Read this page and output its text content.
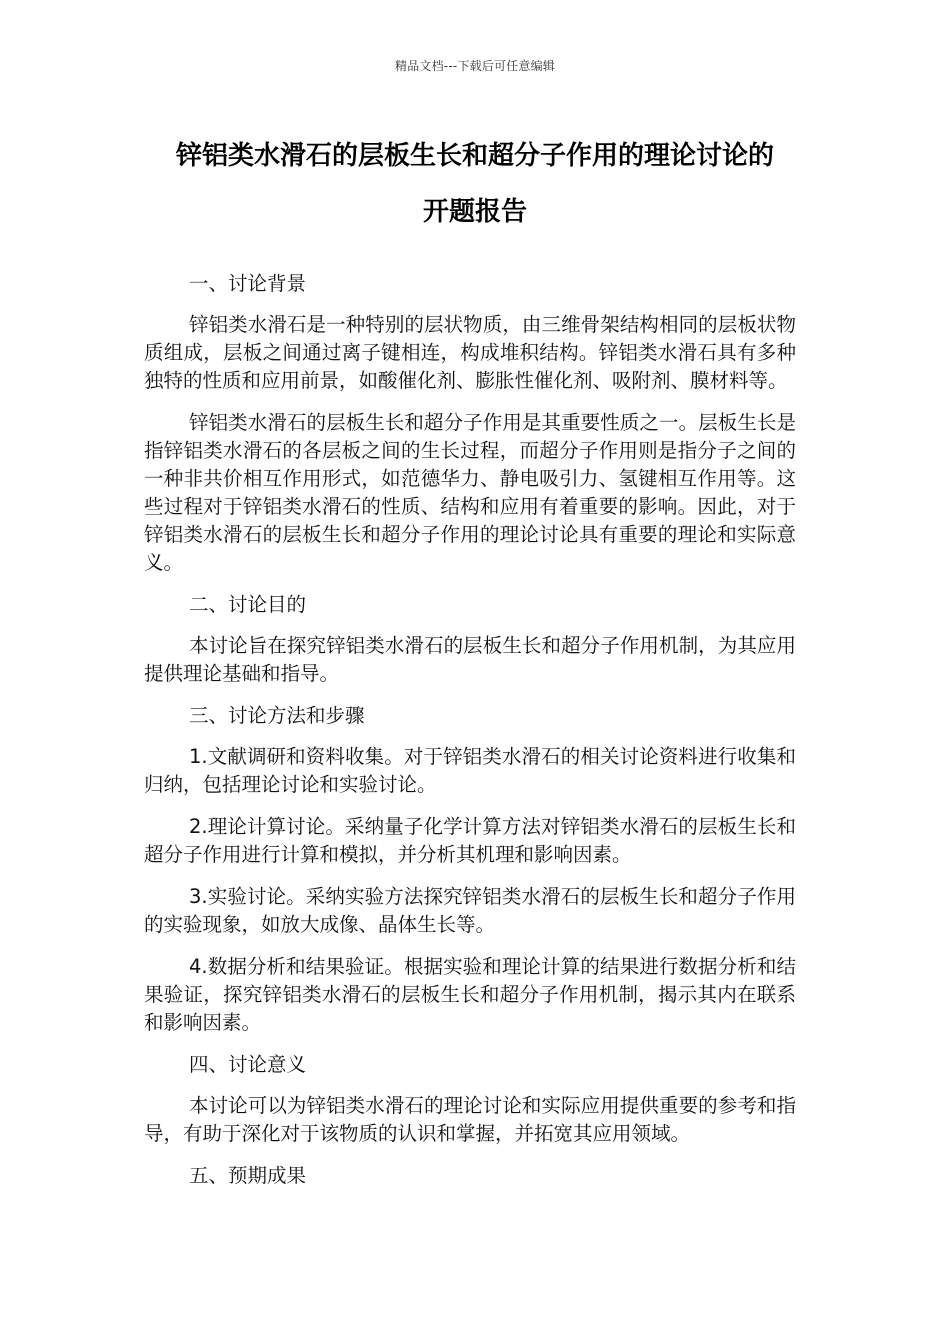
精品文档---下载后可任意编辑
锌铝类水滑石的层板生长和超分子作用的理论讨论的
开题报告

一、讨论背景

锌铝类水滑石是一种特别的层状物质，由三维骨架结构相同的层板状物质组成，层板之间通过离子键相连，构成堆积结构。锌铝类水滑石具有多种独特的性质和应用前景，如酸催化剂、膨胀性催化剂、吸附剂、膜材料等。

锌铝类水滑石的层板生长和超分子作用是其重要性质之一。层板生长是指锌铝类水滑石的各层板之间的生长过程，而超分子作用则是指分子之间的一种非共价相互作用形式，如范德华力、静电吸引力、氢键相互作用等。这些过程对于锌铝类水滑石的性质、结构和应用有着重要的影响。因此，对于锌铝类水滑石的层板生长和超分子作用的理论讨论具有重要的理论和实际意义。

二、讨论目的

本讨论旨在探究锌铝类水滑石的层板生长和超分子作用机制，为其应用提供理论基础和指导。

三、讨论方法和步骤

1.文献调研和资料收集。对于锌铝类水滑石的相关讨论资料进行收集和归纳，包括理论讨论和实验讨论。

2.理论计算讨论。采纳量子化学计算方法对锌铝类水滑石的层板生长和超分子作用进行计算和模拟，并分析其机理和影响因素。

3.实验讨论。采纳实验方法探究锌铝类水滑石的层板生长和超分子作用的实验现象，如放大成像、晶体生长等。

4.数据分析和结果验证。根据实验和理论计算的结果进行数据分析和结果验证，探究锌铝类水滑石的层板生长和超分子作用机制，揭示其内在联系和影响因素。

四、讨论意义

本讨论可以为锌铝类水滑石的理论讨论和实际应用提供重要的参考和指导，有助于深化对于该物质的认识和掌握，并拓宽其应用领域。

五、预期成果
